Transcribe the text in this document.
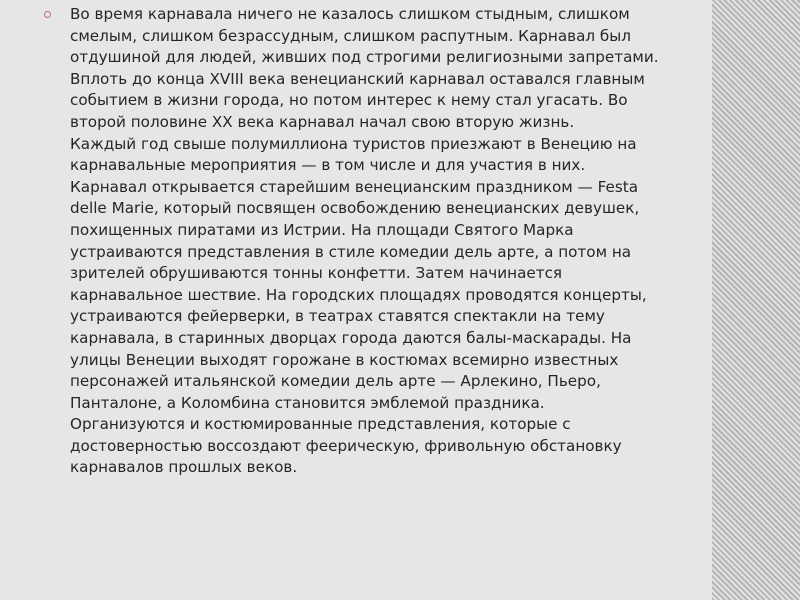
Во время карнавала ничего не казалось слишком стыдным, слишком
смелым, слишком безрассудным, слишком распутным. Карнавал был
отдушиной для людей, живших под строгими религиозными запретами.
Вплоть до конца XVIII века венецианский карнавал оставался главным
событием в жизни города, но потом интерес к нему стал угасать. Во
второй половине XX века карнавал начал свою вторую жизнь.
Каждый год свыше полумиллиона туристов приезжают в Венецию на
карнавальные мероприятия — в том числе и для участия в них.
Карнавал открывается старейшим венецианским праздником — Festa
delle Marie, который посвящен освобождению венецианских девушек,
похищенных пиратами из Истрии. На площади Святого Марка
устраиваются представления в стиле комедии дель арте, а потом на
зрителей обрушиваются тонны конфетти. Затем начинается
карнавальное шествие. На городских площадях проводятся концерты,
устраиваются фейерверки, в театрах ставятся спектакли на тему
карнавала, в старинных дворцах города даются балы-маскарады. На
улицы Венеции выходят горожане в костюмах всемирно известных
персонажей итальянской комедии дель арте — Арлекино, Пьеро,
Панталоне, а Коломбина становится эмблемой праздника.
Организуются и костюмированные представления, которые с
достоверностью воссоздают феерическую, фривольную обстановку
карнавалов прошлых веков.
